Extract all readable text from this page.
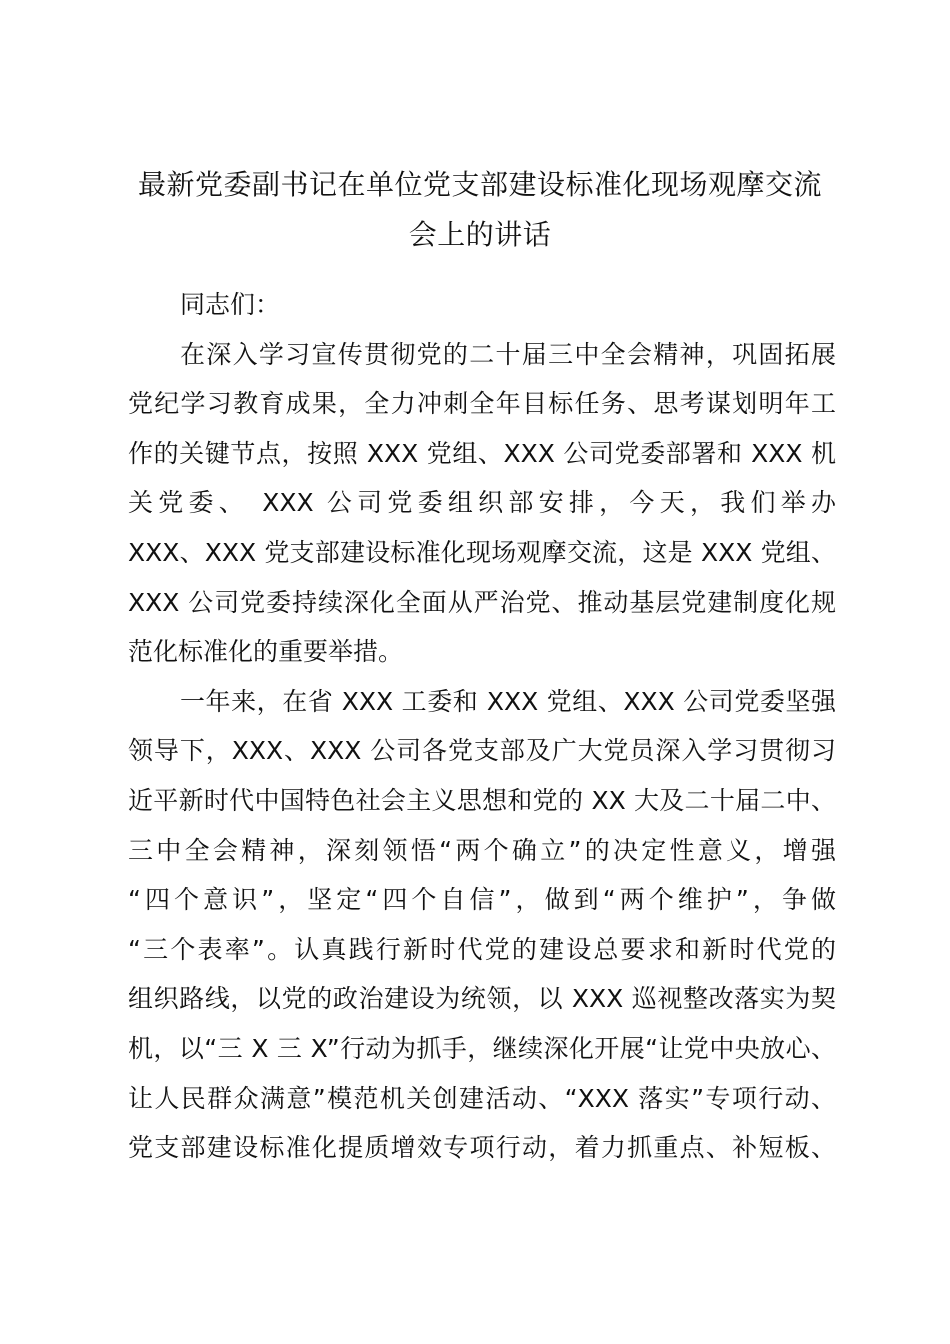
最新党委副书记在单位党支部建设标准化现场观摩交流
会上的讲话
同志们：
在深入学习宣传贯彻党的二十届三中全会精神，巩固拓展
党纪学习教育成果，全力冲刺全年目标任务、思考谋划明年工
作的关键节点，按照 XXX 党组、XXX 公司党委部署和 XXX 机
关党委、 XXX 公司党委组织部安排，今天，我们举办
XXX、XXX 党支部建设标准化现场观摩交流，这是 XXX 党组、
XXX 公司党委持续深化全面从严治党、推动基层党建制度化规
范化标准化的重要举措。
一年来，在省 XXX 工委和 XXX 党组、XXX 公司党委坚强
领导下，XXX、XXX 公司各党支部及广大党员深入学习贯彻习
近平新时代中国特色社会主义思想和党的 XX 大及二十届二中、
三中全会精神，深刻领悟“两个确立”的决定性意义，增强
“四个意识”，坚定“四个自信”，做到“两个维护”，争做
“三个表率”。认真践行新时代党的建设总要求和新时代党的
组织路线，以党的政治建设为统领，以 XXX 巡视整改落实为契
机，以“三 X 三 X”行动为抓手，继续深化开展“让党中央放心、
让人民群众满意”模范机关创建活动、“XXX 落实”专项行动、
党支部建设标准化提质增效专项行动，着力抓重点、补短板、
